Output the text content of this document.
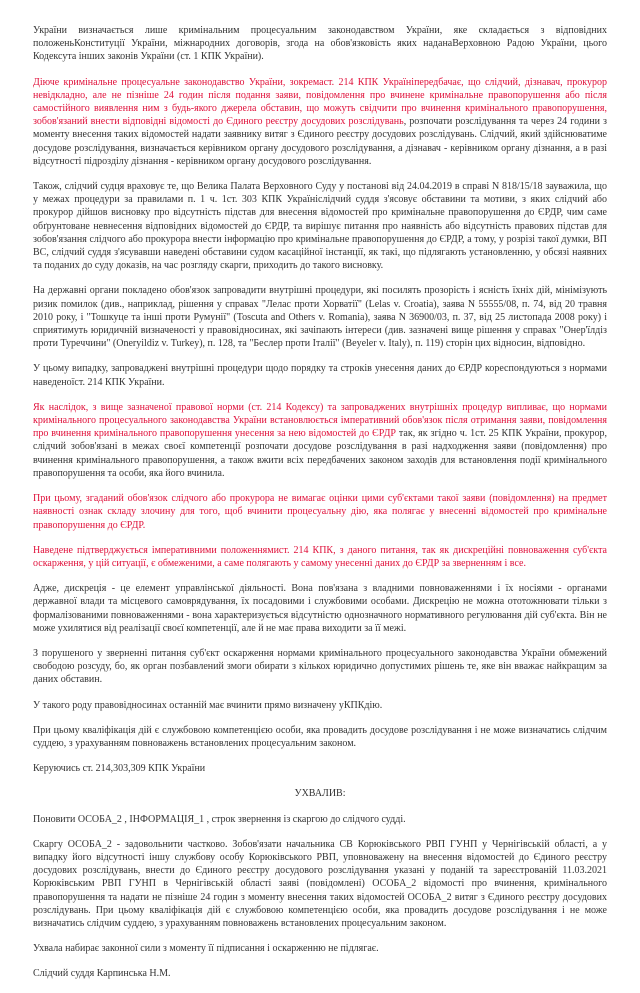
України визначається лише кримінальним процесуальним законодавством України, яке складається з відповідних положеньКонституції України, міжнародних договорів, згода на обов'язковість яких наданаВерховною Радою України, цього Кодексута інших законів України (ст. 1 КПК України).

Діюче кримінальне процесуальне законодавство України, зокремаст. 214 КПК Україніпередбачає, що слідчий, дізнавач, прокурор невідкладно, але не пізніше 24 годин після подання заяви, повідомлення про вчинене кримінальне правопорушення або після самостійного виявлення ним з будь-якого джерела обставин, що можуть свідчити про вчинення кримінального правопорушення, зобов'язаний внести відповідні відомості до Єдиного реєстру досудових розслідувань, розпочати розслідування та через 24 години з моменту внесення таких відомостей надати заявнику витяг з Єдиного реєстру досудових розслідувань. Слідчий, який здійснюватиме досудове розслідування, визначається керівником органу досудового розслідування, а дізнавач - керівником органу дізнання, а в разі відсутності підрозділу дізнання - керівником органу досудового розслідування.

Також, слідчий судця враховує те, що Велика Палата Верховного Суду у постанові від 24.04.2019 в справі N 818/15/18 зауважила, що у межах процедури за правилами п. 1 ч. 1ст. 303 КПК Україніслідчий суддя з'ясовує обставини та мотиви, з яких слідчий або прокурор дійшов висновку про відсутність підстав для внесення відомостей про кримінальне правопорушення до ЄРДР, чим саме обґрунтоване невнесення відповідних відомостей до ЄРДР, та вирішує питання про наявність або відсутність правових підстав для зобов'язання слідчого або прокурора внести інформацію про кримінальне правопорушення до ЄРДР, а тому, у розрізі такої думки, ВП ВС, слідчий суддя з'ясувавши наведені обставини судом касаційної інстанції, як такі, що підлягають установленню, у обсязі наявних та поданих до суду доказів, на час розгляду скарги, приходить до такого висновку.

На державні органи покладено обов'язок запровадити внутрішні процедури, які посилять прозорість і ясність їхніх дій, мінімізують ризик помилок (див., наприклад, рішення у справах "Лелас проти Хорватії" (Lelas v. Croatia), заява N 55555/08, п. 74, від 20 травня 2010 року, і "Тошкуце та інші проти Румунії" (Toscuta and Others v. Romania), заява N 36900/03, п. 37, від 25 листопада 2008 року) і сприятимуть юридичній визначеності у правовідносинах, які зачіпають інтереси (див. зазначені вище рішення у справах "Онер'їлдіз проти Туреччини" (Oneryildiz v. Turkey), п. 128, та "Беслер проти Італії" (Beyeler v. Italy), п. 119) сторін цих відносин, відповідно.

У цьому випадку, запроваджені внутрішні процедури щодо порядку та строків унесення даних до ЄРДР кореспондуються з нормами наведеноїст. 214 КПК України.

Як наслідок, з вище зазначеної правової норми (ст. 214 Кодексу) та запроваджених внутрішніх процедур випливає, що нормами кримінального процесуального законодавства України встановлюється імперативний обов'язок після отримання заяви, повідомлення про вчинення кримінального правопорушення унесення за нею відомостей до ЄРДР так, як згідно ч. 1ст. 25 КПК України, прокурор, слідчий зобов'язані в межах своєї компетенції розпочати досудове розслідування в разі надходження заяви (повідомлення) про вчинення кримінального правопорушення, а також вжити всіх передбачених законом заходів для встановлення події кримінального правопорушення та особи, яка його вчинила.

При цьому, згаданий обов'язок слідчого або прокурора не вимагає оцінки цими суб'єктами такої заяви (повідомлення) на предмет наявності ознак складу злочину для того, щоб вчинити процесуальну дію, яка полягає у внесенні відомостей про кримінальне правопорушення до ЄРДР.

Наведене підтверджується імперативними положеннямист. 214 КПК, з даного питання, так як дискреційні повноваження суб'єкта оскарження, у цій ситуації, є обмеженими, а саме полягають у самому унесенні даних до ЄРДР за зверненням і все.

Адже, дискреція - це елемент управлінської діяльності. Вона пов'язана з владними повноваженнями і їх носіями - органами державної влади та місцевого самоврядування, їх посадовими і службовими особами. Дискрецію не можна ототожнювати тільки з формалізованими повноваженнями - вона характеризується відсутністю однозначного нормативного регулювання дій суб'єкта. Він не може ухилятися від реалізації своєї компетенції, але й не має права виходити за її межі.

З порушеного у зверненні питання суб'єкт оскарження нормами кримінального процесуального законодавства України обмежений свободою розсуду, бо, як орган позбавлений змоги обирати з кількох юридично допустимих рішень те, яке він вважає найкращим за даних обставин.

У такого роду правовідносинах останній має вчинити прямо визначену уКПКдію.

При цьому кваліфікація дій є службовою компетенцією особи, яка провадить досудове розслідування і не може визначатись слідчим суддею, з урахуванням повноважень встановлених процесуальним законом.

Керуючись ст. 214,303,309 КПК України

УХВАЛИВ:

Поновити ОСОБА_2 , ІНФОРМАЦІЯ_1 , строк звернення із скаргою до слідчого судді.

Скаргу ОСОБА_2 - задовольнити частково. Зобов'язати начальника СВ Корюківського РВП ГУНП у Чернігівській області, а у випадку його відсутності іншу службову особу Корюківського РВП, уповноважену на внесення відомостей до Єдиного реєстру досудових розслідувань, внести до Єдиного реєстру досудового розслідування указані у поданій та зареєстрованій 11.03.2021 Корюківським РВП ГУНП в Чернігівській області заяві (повідомлені) ОСОБА_2 відомості про вчинення, кримінального правопорушення та надати не пізніше 24 годин з моменту внесення таких відомостей ОСОБА_2 витяг з Єдиного реєстру досудових розслідувань. При цьому кваліфікація дій є службовою компетенцією особи, яка провадить досудове розслідування і не може визначатись слідчим суддею, з урахуванням повноважень встановлених процесуальним законом.

Ухвала набирає законної сили з моменту її підписання і оскарженню не підлягає.

Слідчий суддя Карпинська Н.М.
